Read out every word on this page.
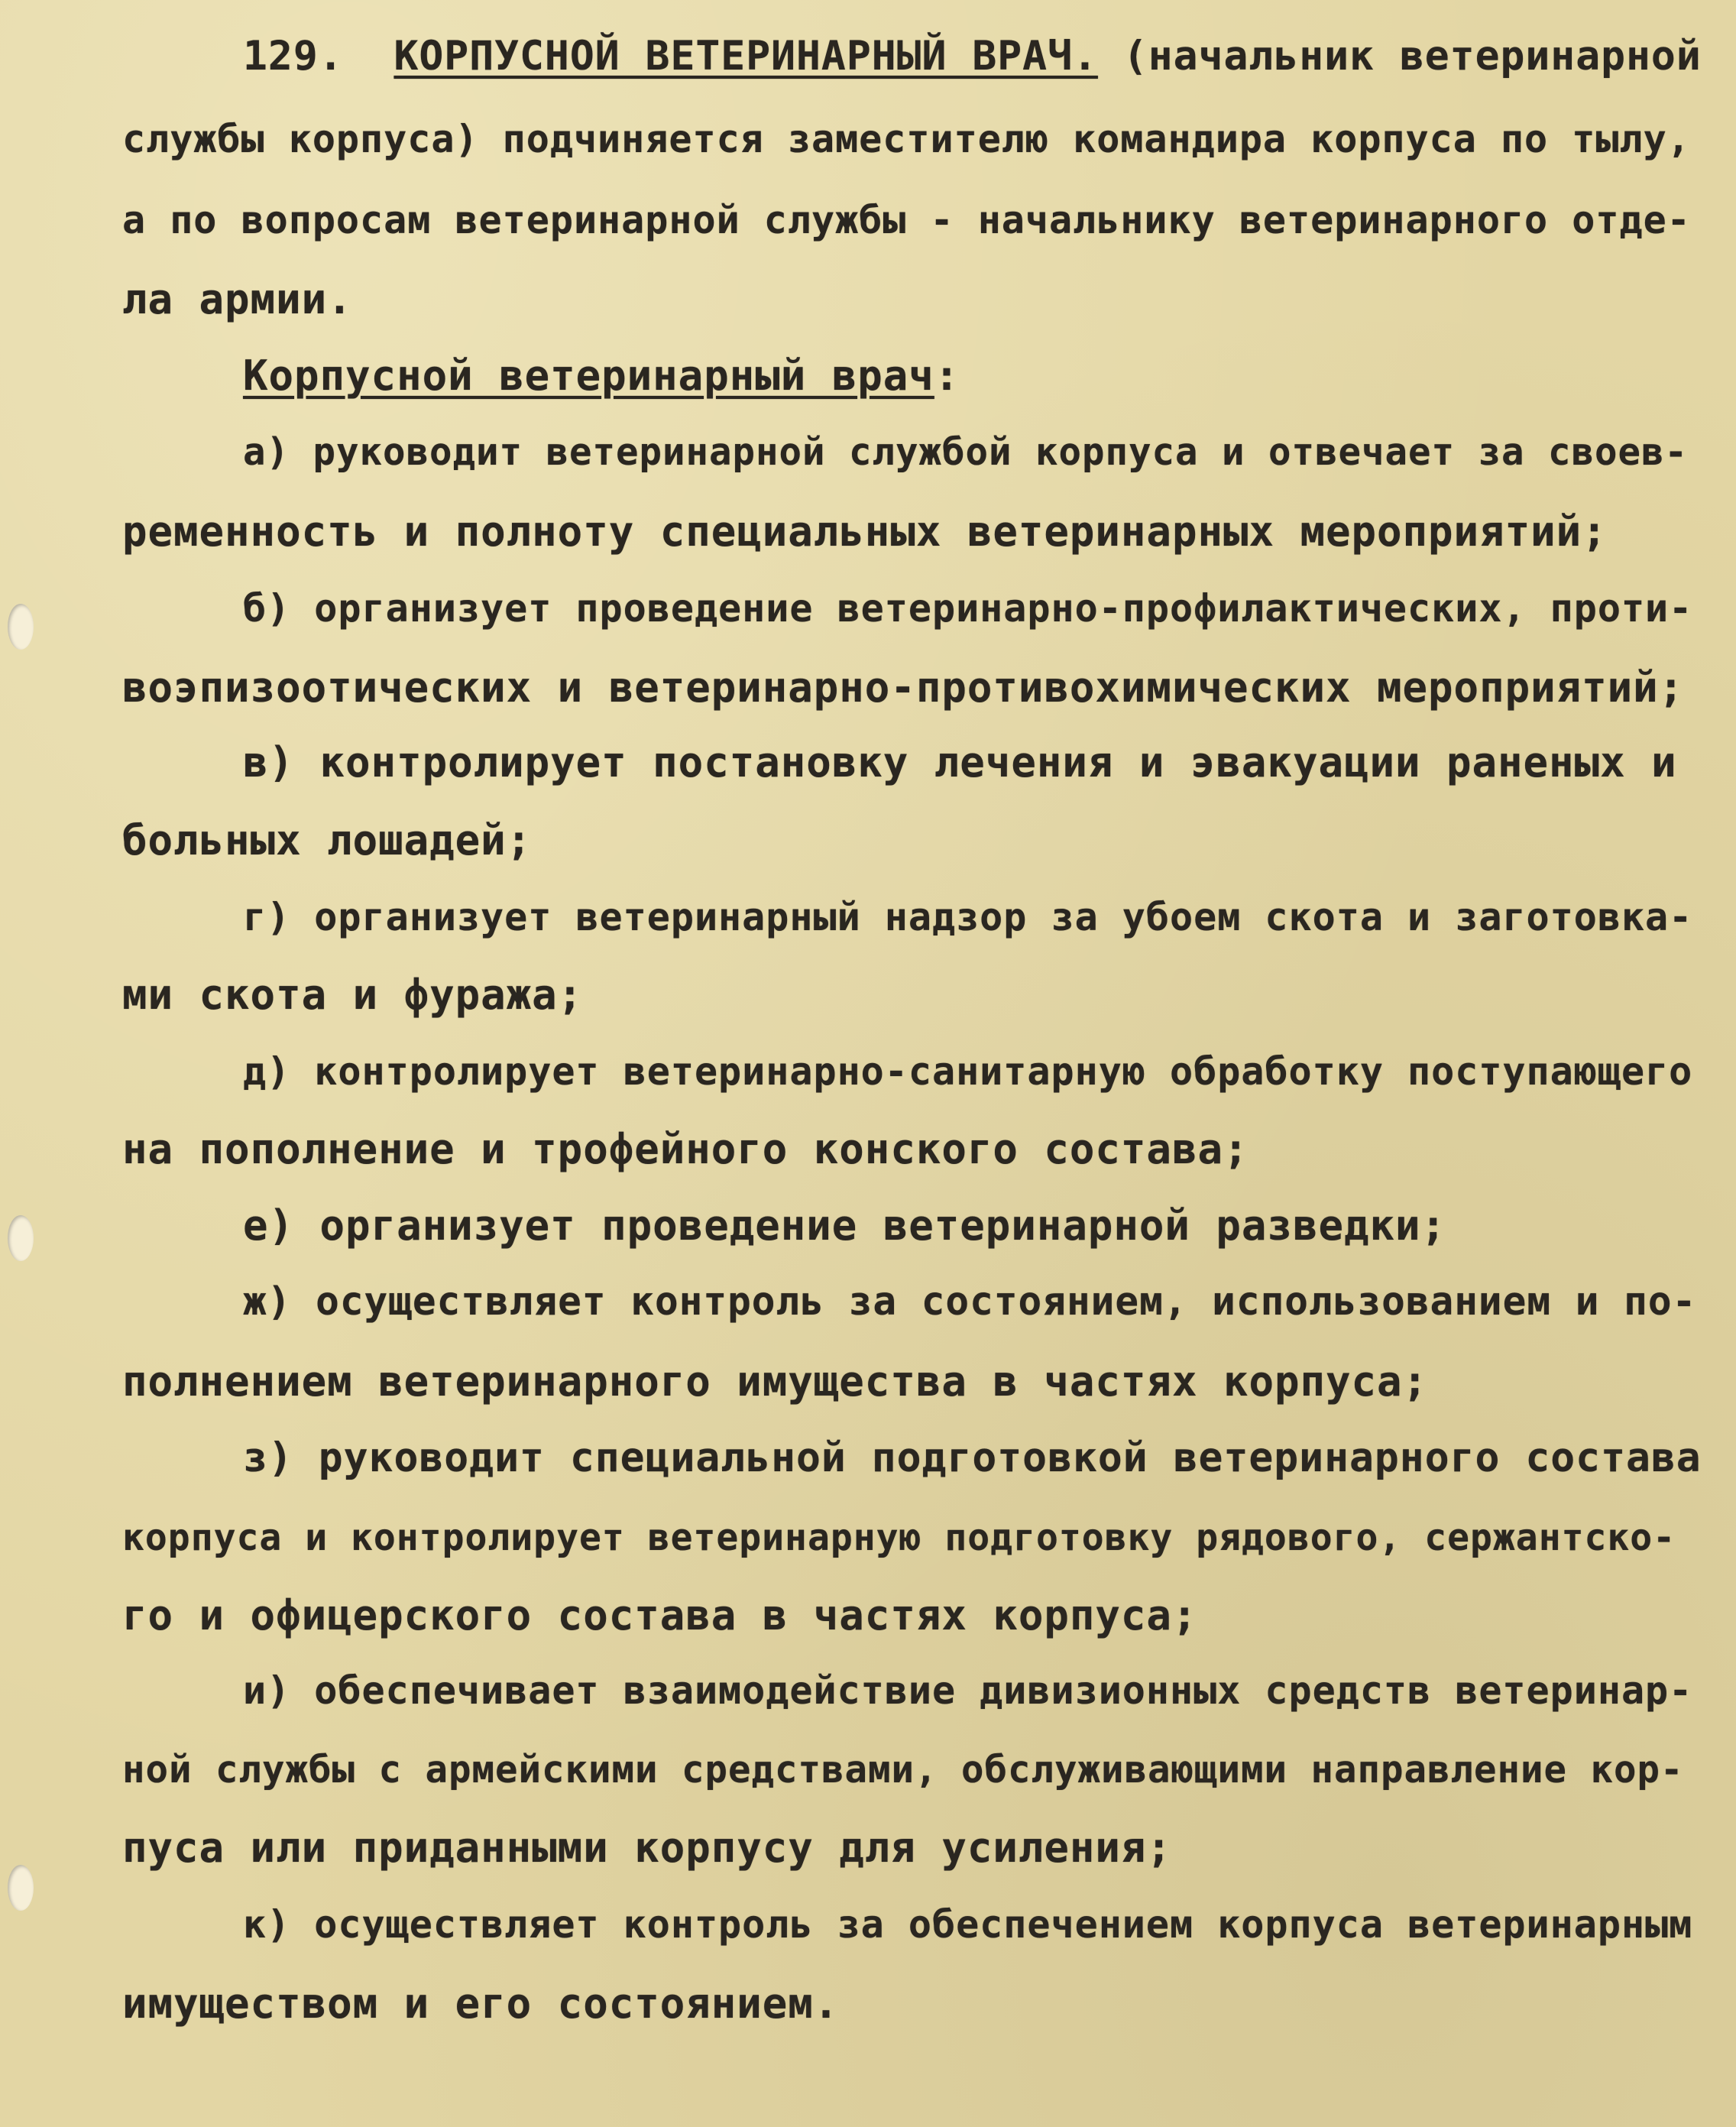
129. КОРПУСНОЙ ВЕТЕРИНАРНЫЙ ВРАЧ. (начальник ветеринарной
службы корпуса) подчиняется заместителю командира корпуса по тылу,
а по вопросам ветеринарной службы - начальнику ветеринарного отде-
ла армии.
Корпусной ветеринарный врач:
а) руководит ветеринарной службой корпуса и отвечает за своев-
ременность и полноту специальных ветеринарных мероприятий;
б) организует проведение ветеринарно-профилактических, проти-
воэпизоотических и ветеринарно-противохимических мероприятий;
в) контролирует постановку лечения и эвакуации раненых и
больных лошадей;
г) организует ветеринарный надзор за убоем скота и заготовка-
ми скота и фуража;
д) контролирует ветеринарно-санитарную обработку поступающего
на пополнение и трофейного конского состава;
е) организует проведение ветеринарной разведки;
ж) осуществляет контроль за состоянием, использованием и по-
полнением ветеринарного имущества в частях корпуса;
з) руководит специальной подготовкой ветеринарного состава
корпуса и контролирует ветеринарную подготовку рядового, сержантско-
го и офицерского состава в частях корпуса;
и) обеспечивает взаимодействие дивизионных средств ветеринар-
ной службы с армейскими средствами, обслуживающими направление кор-
пуса или приданными корпусу для усиления;
к) осуществляет контроль за обеспечением корпуса ветеринарным
имуществом и его состоянием.
